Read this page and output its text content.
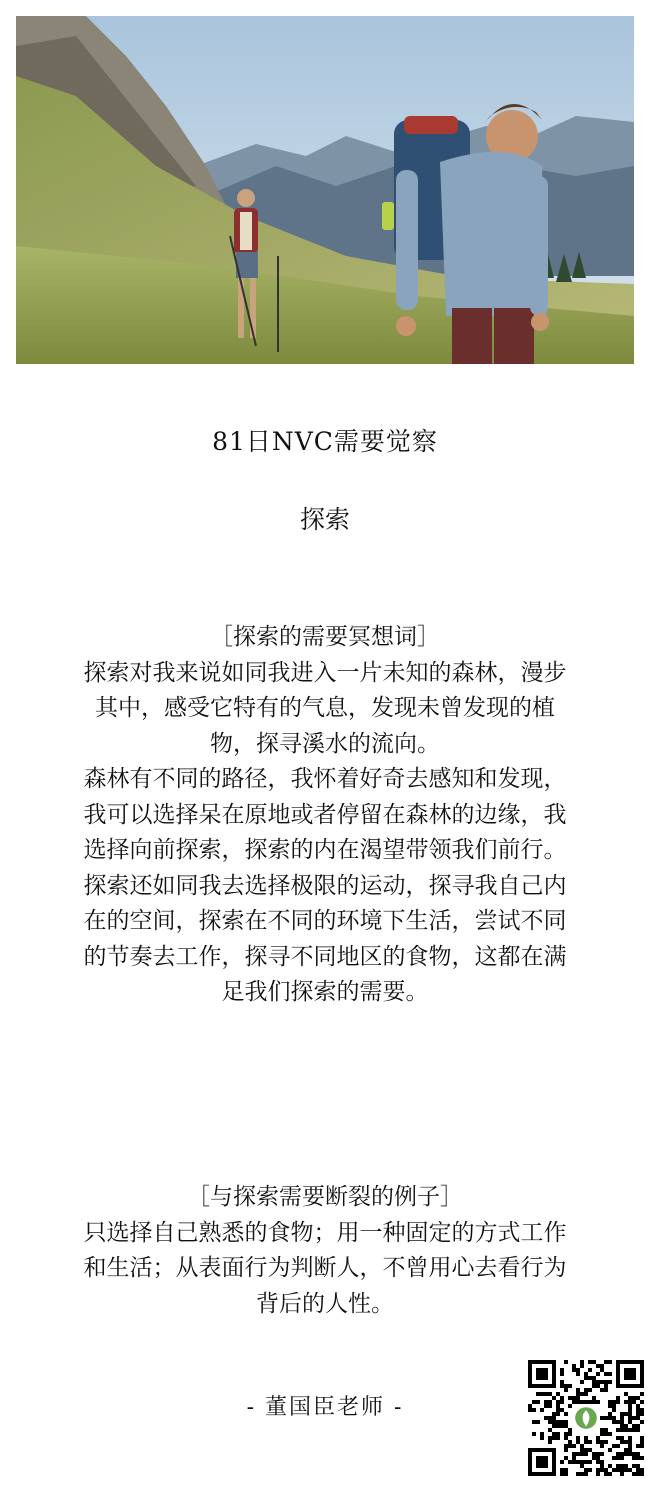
81日NVC需要觉察
探索

［探索的需要冥想词］

探索对我来说如同我进入一片未知的森林，漫步其中，感受它特有的气息，发现未曾发现的植物，探寻溪水的流向。

森林有不同的路径，我怀着好奇去感知和发现，我可以选择呆在原地或者停留在森林的边缘，我选择向前探索，探索的内在渴望带领我们前行。

探索还如同我去选择极限的运动，探寻我自己内在的空间，探索在不同的环境下生活，尝试不同的节奏去工作，探寻不同地区的食物，这都在满足我们探索的需要。

［与探索需要断裂的例子］

只选择自己熟悉的食物；用一种固定的方式工作和生活；从表面行为判断人，不曾用心去看行为背后的人性。

- 董国臣老师 -
